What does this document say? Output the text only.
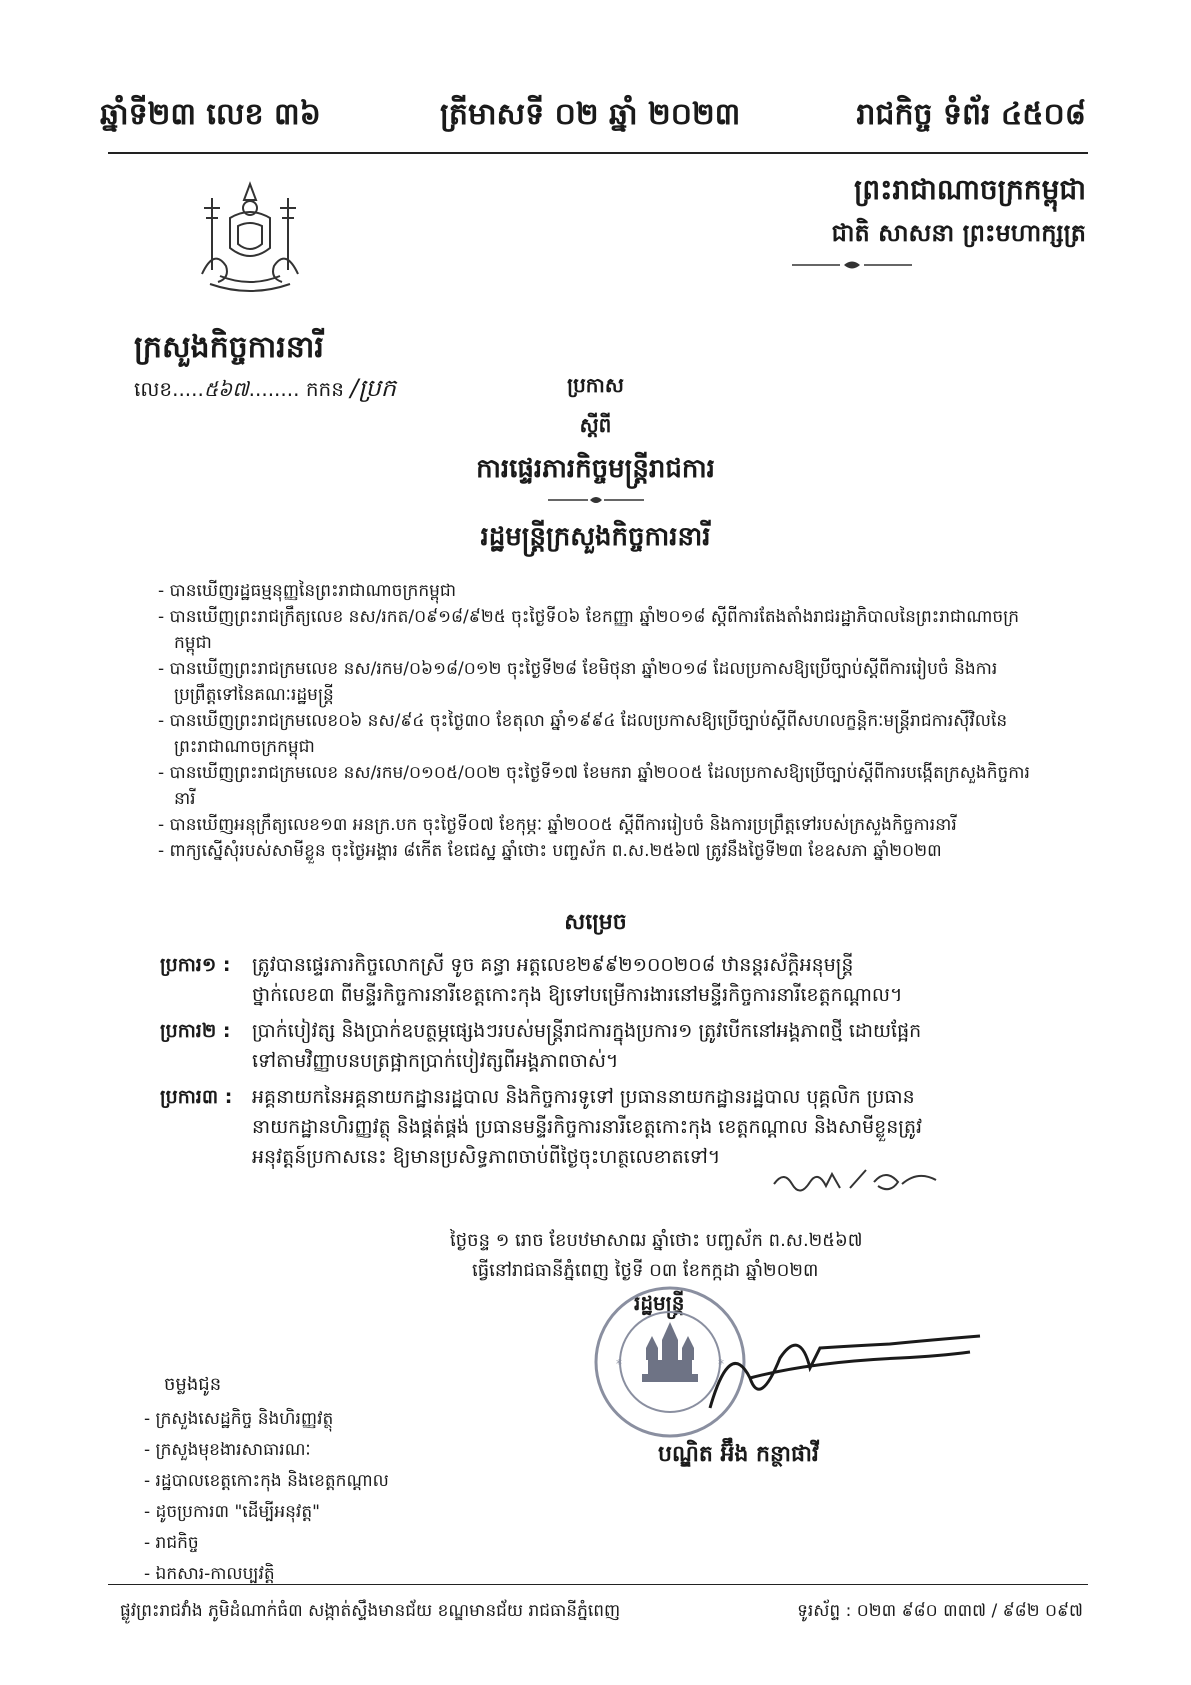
ឆ្នាំទី២៣ លេខ ៣៦	ត្រីមាសទី ០២ ឆ្នាំ ២០២៣	រាជកិច្ច ទំព័រ ៤៥០៨
ព្រះរាជាណាចក្រកម្ពុជា
ជាតិ សាសនា ព្រះមហាក្សត្រ
ក្រសួងកិច្ចការនារី
លេខ.....៥៦៧........ កកន /ប្រក	ប្រកាស
ស្តីពី
ការផ្ទេរភារកិច្ចមន្ត្រីរាជការ
រដ្ឋមន្ត្រីក្រសួងកិច្ចការនារី
- បានឃើញរដ្ឋធម្មនុញ្ញនៃព្រះរាជាណាចក្រកម្ពុជា
- បានឃើញព្រះរាជក្រឹត្យលេខ នស/រកត/០៩១៨/៩២៥ ចុះថ្ងៃទី០៦ ខែកញ្ញា ឆ្នាំ២០១៨ ស្តីពីការតែងតាំងរាជរដ្ឋាភិបាលនៃព្រះរាជាណាចក្រកម្ពុជា
- បានឃើញព្រះរាជក្រមលេខ នស/រកម/០៦១៨/០១២ ចុះថ្ងៃទី២៨ ខែមិថុនា ឆ្នាំ២០១៨ ដែលប្រកាសឱ្យប្រើច្បាប់ស្តីពីការរៀបចំ និងការប្រព្រឹត្តទៅនៃគណៈរដ្ឋមន្ត្រី
- បានឃើញព្រះរាជក្រមលេខ០៦ នស/៩៤ ចុះថ្ងៃ៣០ ខែតុលា ឆ្នាំ១៩៩៤ ដែលប្រកាសឱ្យប្រើច្បាប់ស្តីពីសហលក្ខន្តិកៈមន្ត្រីរាជការស៊ីវិលនៃព្រះរាជាណាចក្រកម្ពុជា
- បានឃើញព្រះរាជក្រមលេខ នស/រកម/០១០៥/០០២ ចុះថ្ងៃទី១៧ ខែមករា ឆ្នាំ២០០៥ ដែលប្រកាសឱ្យប្រើច្បាប់ស្តីពីការបង្កើតក្រសួងកិច្ចការនារី
- បានឃើញអនុក្រឹត្យលេខ១៣ អនក្រ.បក ចុះថ្ងៃទី០៧ ខែកុម្ភៈ ឆ្នាំ២០០៥ ស្តីពីការរៀបចំ និងការប្រព្រឹត្តទៅរបស់ក្រសួងកិច្ចការនារី
- ពាក្យស្នើសុំរបស់សាមីខ្លួន ចុះថ្ងៃអង្គារ ៨កើត ខែជេស្ឋ ឆ្នាំថោះ បញ្ចស័ក ព.ស.២៥៦៧ ត្រូវនឹងថ្ងៃទី២៣ ខែឧសភា ឆ្នាំ២០២៣
សម្រេច
ប្រការ១ : ត្រូវបានផ្ទេរភារកិច្ចលោកស្រី ទូច គន្ធា អត្តលេខ២៩៩២១០០២០៨ ឋានន្តរស័ក្តិអនុមន្ត្រី
ថ្នាក់លេខ៣ ពីមន្ទីរកិច្ចការនារីខេត្តកោះកុង ឱ្យទៅបម្រើការងារនៅមន្ទីរកិច្ចការនារីខេត្តកណ្តាល។
ប្រការ២ : ប្រាក់បៀវត្ស និងប្រាក់ឧបត្ថម្ភផ្សេងៗរបស់មន្ត្រីរាជការក្នុងប្រការ១ ត្រូវបើកនៅអង្គភាពថ្មី ដោយផ្អែក
ទៅតាមវិញ្ញាបនបត្រផ្អាកប្រាក់បៀវត្សពីអង្គភាពចាស់។
ប្រការ៣ : អគ្គនាយកនៃអគ្គនាយកដ្ឋានរដ្ឋបាល និងកិច្ចការទូទៅ ប្រធាននាយកដ្ឋានរដ្ឋបាល បុគ្គលិក ប្រធាន
នាយកដ្ឋានហិរញ្ញវត្ថុ និងផ្គត់ផ្គង់ ប្រធានមន្ទីរកិច្ចការនារីខេត្តកោះកុង ខេត្តកណ្តាល និងសាមីខ្លួនត្រូវ
អនុវត្តន៍ប្រកាសនេះ ឱ្យមានប្រសិទ្ធភាពចាប់ពីថ្ងៃចុះហត្ថលេខាតទៅ។
ថ្ងៃចន្ទ ១ រោច ខែបឋមាសាឍ ឆ្នាំថោះ បញ្ចស័ក ព.ស.២៥៦៧
ធ្វើនៅរាជធានីភ្នំពេញ ថ្ងៃទី ០៣ ខែកក្កដា ឆ្នាំ២០២៣
រដ្ឋមន្ត្រី
*	*
បណ្ឌិត អ៊ឹង កន្ថាផាវី
ចម្លងជូន
- ក្រសួងសេដ្ឋកិច្ច និងហិរញ្ញវត្ថុ
- ក្រសួងមុខងារសាធារណៈ
- រដ្ឋបាលខេត្តកោះកុង និងខេត្តកណ្តាល
- ដូចប្រការ៣ "ដើម្បីអនុវត្ត"
- រាជកិច្ច
- ឯកសារ-កាលប្បវត្តិ
ផ្លូវព្រះរាជវាំង ភូមិដំណាក់ធំ៣ សង្កាត់ស្ទឹងមានជ័យ ខណ្ឌមានជ័យ រាជធានីភ្នំពេញ	ទូរស័ព្ទ : ០២៣ ៩៨០ ៣៣៧ / ៩៨២ ០៩៧
